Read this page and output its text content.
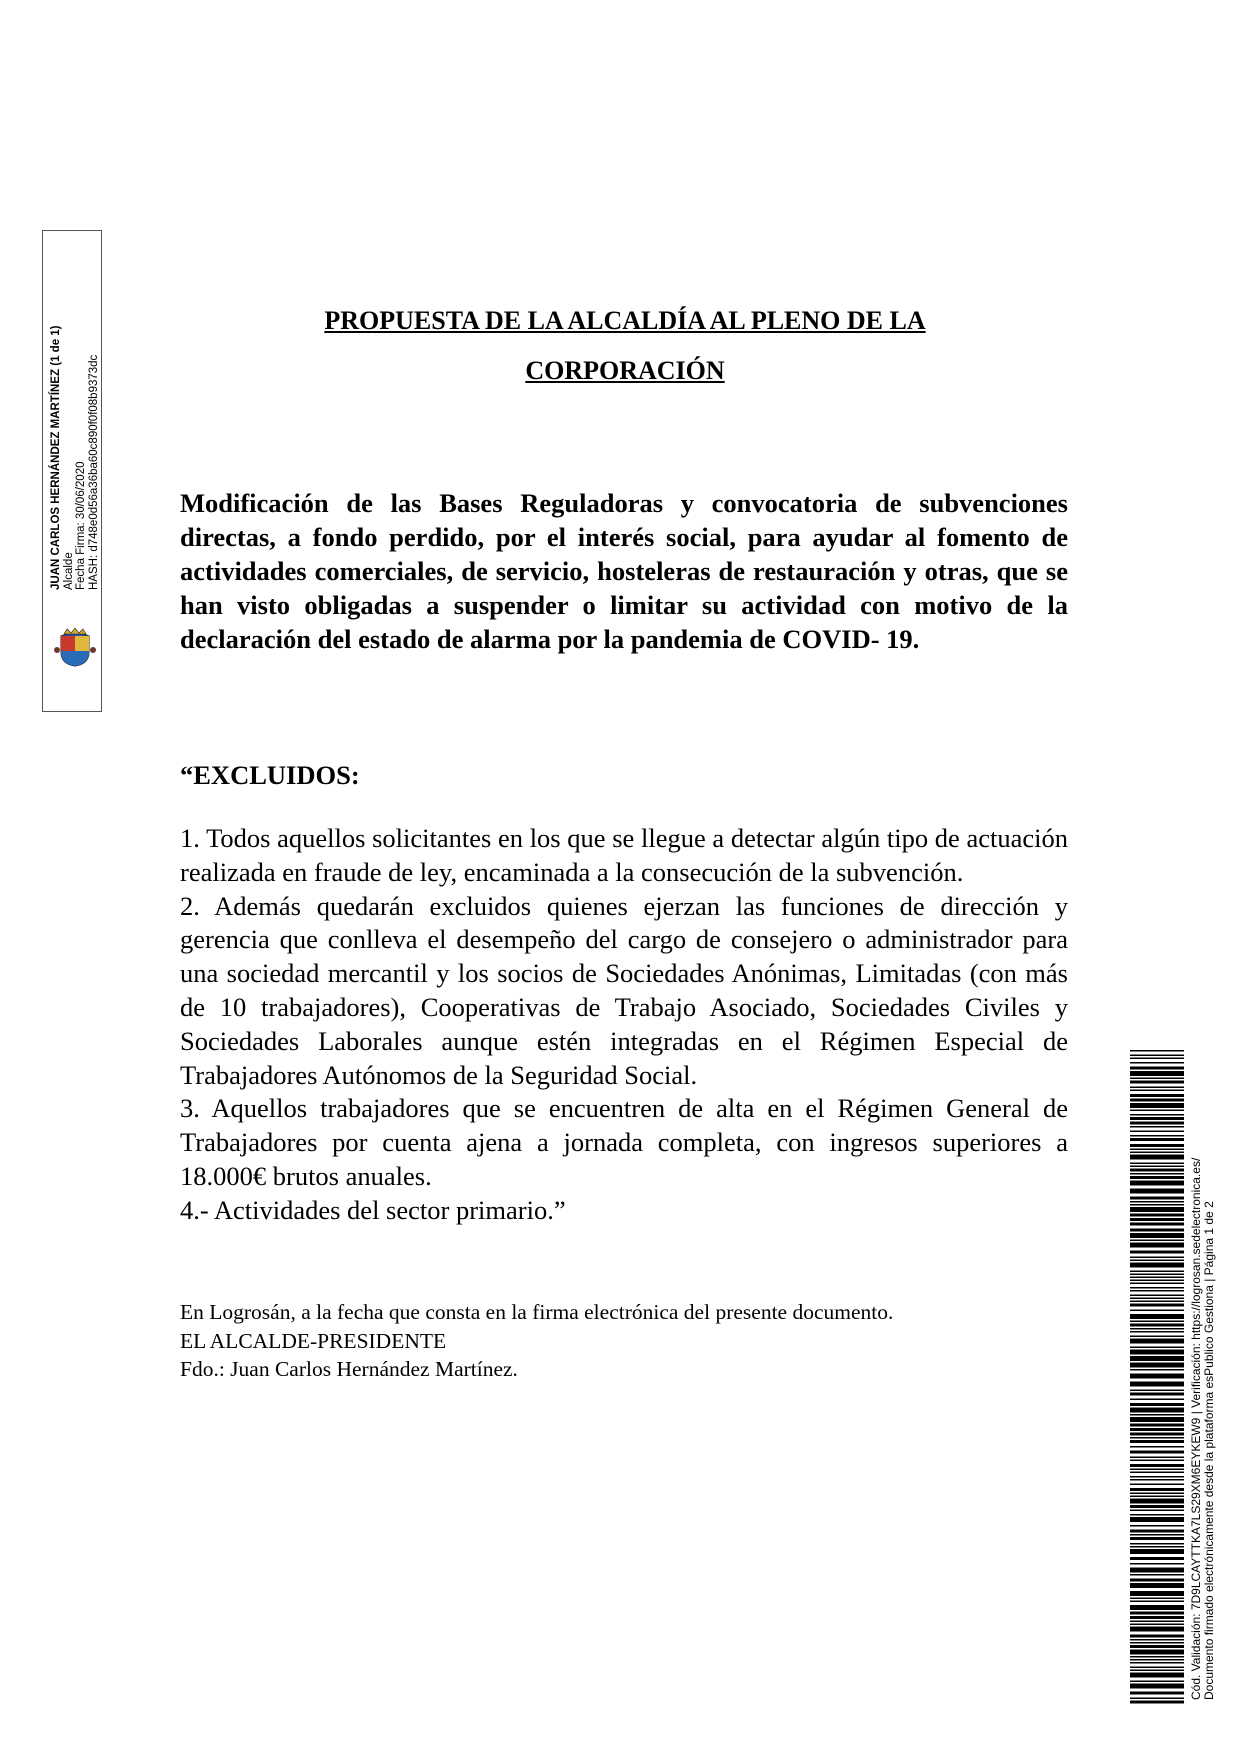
JUAN CARLOS HERNÁNDEZ MARTÍNEZ (1 de 1) Alcalde Fecha Firma: 30/06/2020 HASH: d748e0d56a36ba60c890f0f08b9373dc
PROPUESTA DE LA ALCALDÍA AL PLENO DE LA
CORPORACIÓN
Modificación de las Bases Reguladoras y convocatoria de subvenciones directas, a fondo perdido, por el interés social, para ayudar al fomento de actividades comerciales, de servicio, hosteleras de restauración y otras, que se han visto obligadas a suspender o limitar su actividad con motivo de la declaración del estado de alarma por la pandemia de COVID- 19.
“EXCLUIDOS:

1. Todos aquellos solicitantes en los que se llegue a detectar algún tipo de actuación realizada en fraude de ley, encaminada a la consecución de la subvención.

2. Además quedarán excluidos quienes ejerzan las funciones de dirección y gerencia que conlleva el desempeño del cargo de consejero o administrador para una sociedad mercantil y los socios de Sociedades Anónimas, Limitadas (con más de 10 trabajadores), Cooperativas de Trabajo Asociado, Sociedades Civiles y Sociedades Laborales aunque estén integradas en el Régimen Especial de Trabajadores Autónomos de la Seguridad Social.

3. Aquellos trabajadores que se encuentren de alta en el Régimen General de Trabajadores por cuenta ajena a jornada completa, con ingresos superiores a 18.000€ brutos anuales.

4.- Actividades del sector primario.”

En Logrosán, a la fecha que consta en la firma electrónica del presente documento.
EL ALCALDE-PRESIDENTE
Fdo.: Juan Carlos Hernández Martínez.	Cód. Validación: 7D9LCAYTTKA7LS29XM6EYKEW9 | Verificación: https://logrosan.sedelectronica.es/ Documento firmado electrónicamente desde la plataforma esPublico Gestiona | Página 1 de 2
